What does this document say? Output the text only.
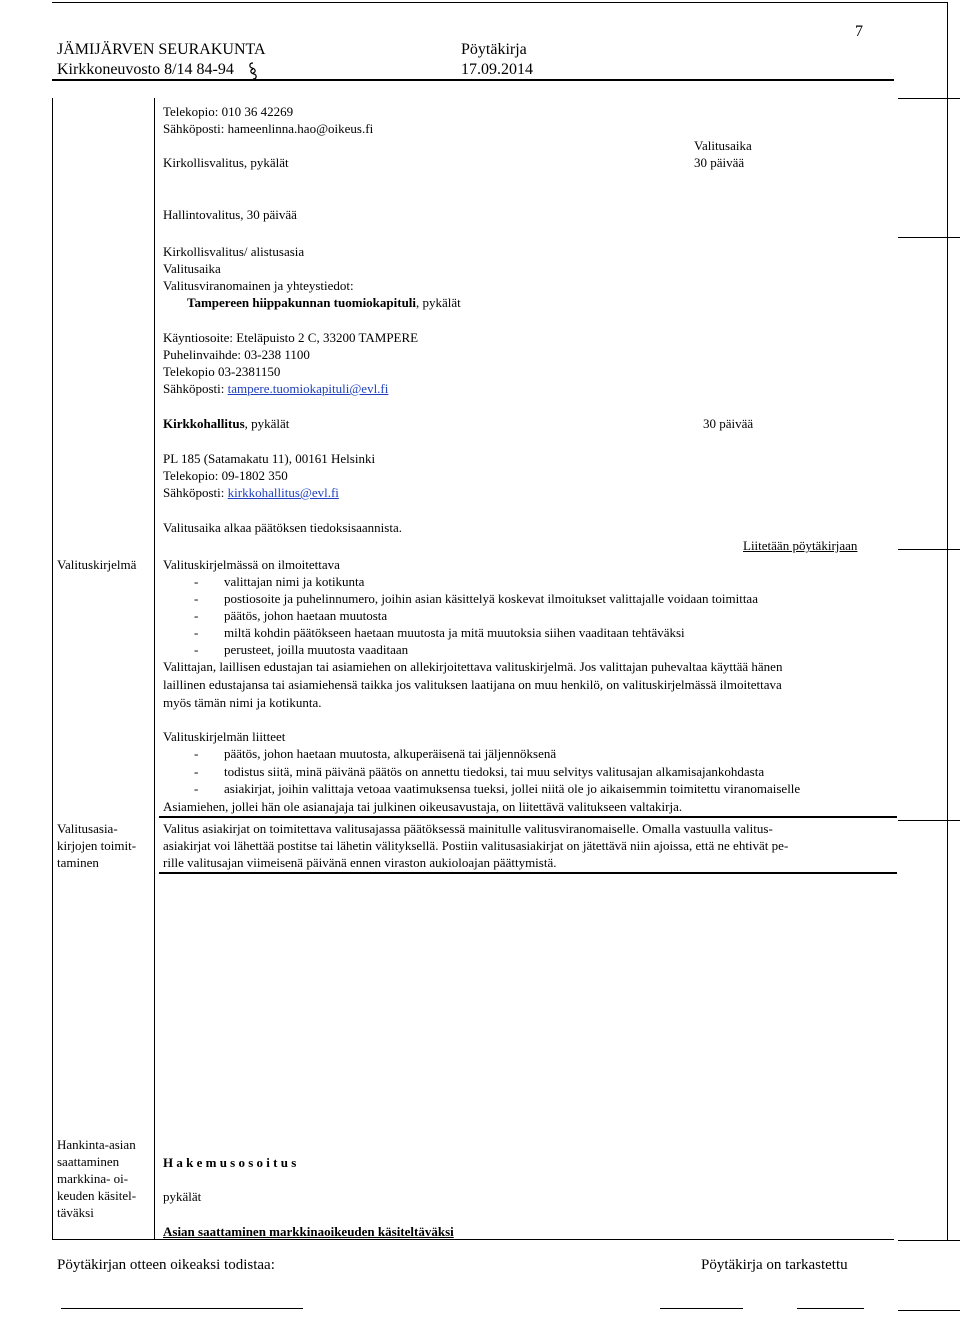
JÄMIJÄRVEN SEURAKUNTA	Pöytäkirja
7
Kirkkoneuvosto 8/14 84-94	17.09.2014
Telekopio: 010 36 42269
Sähköposti: hameenlinna.hao@oikeus.fi
Valitusaika
Kirkollisvalitus, pykälät	30 päivää
Hallintovalitus, 30 päivää
Kirkollisvalitus/ alistusasia
Valitusaika
Valitusviranomainen ja yhteystiedot:
Tampereen hiippakunnan tuomiokapituli, pykälät
Käyntiosoite: Eteläpuisto 2 C, 33200 TAMPERE
Puhelinvaihde: 03-238 1100
Telekopio 03-2381150
Sähköposti: tampere.tuomiokapituli@evl.fi
Kirkkohallitus, pykälät	30 päivää
PL 185 (Satamakatu 11), 00161 Helsinki
Telekopio: 09-1802 350
Sähköposti: kirkkohallitus@evl.fi
Valitusaika alkaa päätöksen tiedoksisaannista.
Liitetään pöytäkirjaan
Valituskirjelmä Valituskirjelmässä on ilmoitettava
- valittajan nimi ja kotikunta
- postiosoite ja puhelinnumero, joihin asian käsittelyä koskevat ilmoitukset valittajalle voidaan toimittaa
- päätös, johon haetaan muutosta
- miltä kohdin päätökseen haetaan muutosta ja mitä muutoksia siihen vaaditaan tehtäväksi
- perusteet, joilla muutosta vaaditaan
Valittajan, laillisen edustajan tai asiamiehen on allekirjoitettava valituskirjelmä. Jos valittajan puhevaltaa käyttää hänen
laillinen edustajansa tai asiamiehensä taikka jos valituksen laatijana on muu henkilö, on valituskirjelmässä ilmoitettava
myös tämän nimi ja kotikunta.
Valituskirjelmän liitteet
- päätös, johon haetaan muutosta, alkuperäisenä tai jäljennöksenä
- todistus siitä, minä päivänä päätös on annettu tiedoksi, tai muu selvitys valitusajan alkamisajankohdasta
- asiakirjat, joihin valittaja vetoaa vaatimuksensa tueksi, jollei niitä ole jo aikaisemmin toimitettu viranomaiselle
Asiamiehen, jollei hän ole asianajaja tai julkinen oikeusavustaja, on liitettävä valitukseen valtakirja.
Valitusasia-
kirjojen toimit-
taminen
Valitus asiakirjat on toimitettava valitusajassa päätöksessä mainitulle valitusviranomaiselle. Omalla vastuulla valitus-
asiakirjat voi lähettää postitse tai lähetin välityksellä. Postiin valitusasiakirjat on jätettävä niin ajoissa, että ne ehtivät pe-
rille valitusajan viimeisenä päivänä ennen viraston aukioloajan päättymistä.
Hankinta-asian
saattaminen
markkina- oi-
keuden käsitel-
täväksi
H a k e m u s o s o i t u s
pykälät
Asian saattaminen markkinaoikeuden käsiteltäväksi
Pöytäkirjan otteen oikeaksi todistaa:	Pöytäkirja on tarkastettu
